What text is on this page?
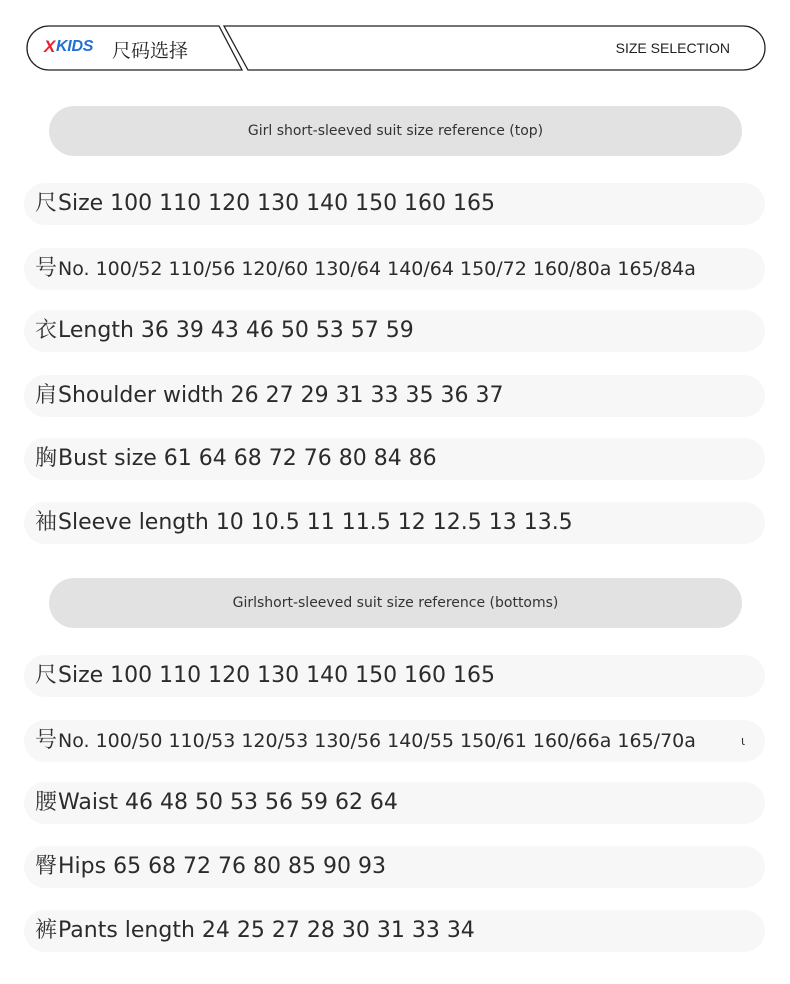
X KIDS 尺码选择	SIZE SELECTION
Girl short-sleeved suit size reference (top)
尺 Size 100 110 120 130 140 150 160 165
号 No. 100/52 110/56 120/60 130/64 140/64 150/72 160/80a 165/84a
衣 Length 36 39 43 46 50 53 57 59
肩 Shoulder width 26 27 29 31 33 35 36 37
胸 Bust size 61 64 68 72 76 80 84 86
袖 Sleeve length 10 10.5 11 11.5 12 12.5 13 13.5
Girlshort-sleeved suit size reference (bottoms)
尺 Size 100 110 120 130 140 150 160 165
号 No. 100/50 110/53 120/53 130/56 140/55 150/61 160/66a 165/70a	ι
腰 Waist 46 48 50 53 56 59 62 64
臀 Hips 65 68 72 76 80 85 90 93
裤 Pants length 24 25 27 28 30 31 33 34
